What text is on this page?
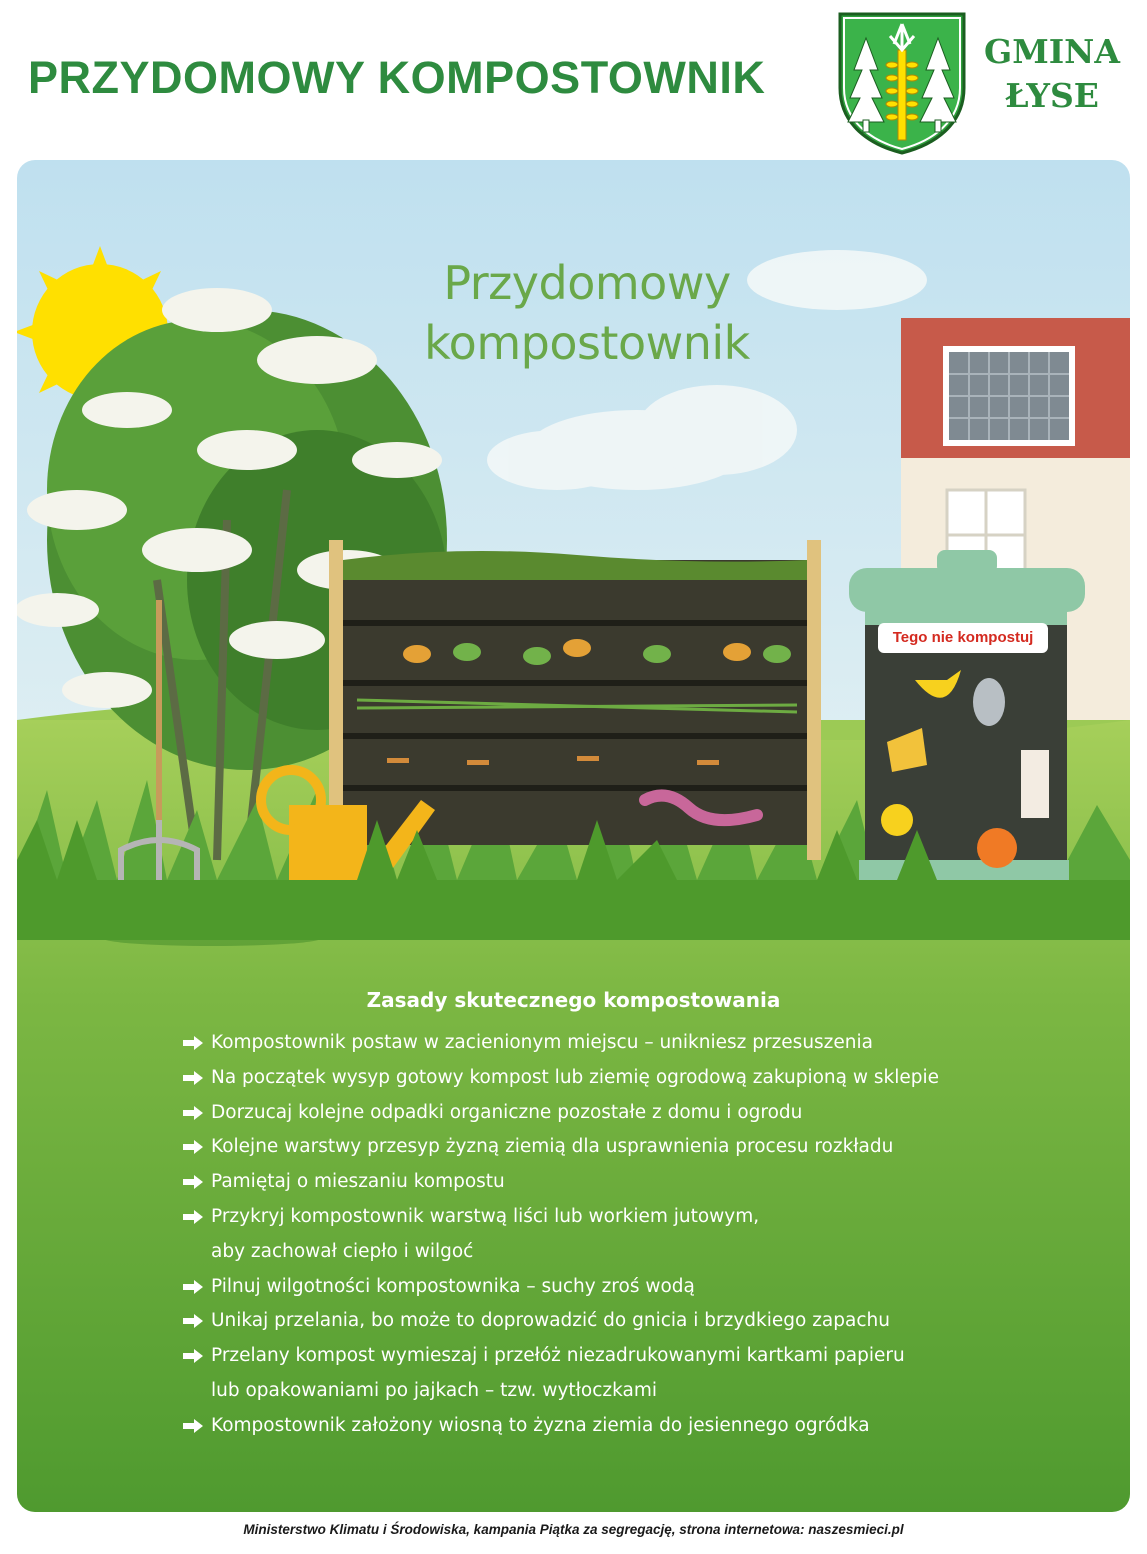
PRZYDOMOWY KOMPOSTOWNIK
GMINA
ŁYSE
Przydomowy
kompostownik
Tego nie kompostuj
Zasady skutecznego kompostowania
Kompostownik postaw w zacienionym miejscu – unikniesz przesuszenia
Na początek wysyp gotowy kompost lub ziemię ogrodową zakupioną w sklepie
Dorzucaj kolejne odpadki organiczne pozostałe z domu i ogrodu
Kolejne warstwy przesyp żyzną ziemią dla usprawnienia procesu rozkładu
Pamiętaj o mieszaniu kompostu
Przykryj kompostownik warstwą liści lub workiem jutowym,
aby zachował ciepło i wilgoć
Pilnuj wilgotności kompostownika – suchy zroś wodą
Unikaj przelania, bo może to doprowadzić do gnicia i brzydkiego zapachu
Przelany kompost wymieszaj i przełóż niezadrukowanymi kartkami papieru
lub opakowaniami po jajkach – tzw. wytłoczkami
Kompostownik założony wiosną to żyzna ziemia do jesiennego ogródka
Ministerstwo Klimatu i Środowiska, kampania Piątka za segregację, strona internetowa: naszesmieci.pl
